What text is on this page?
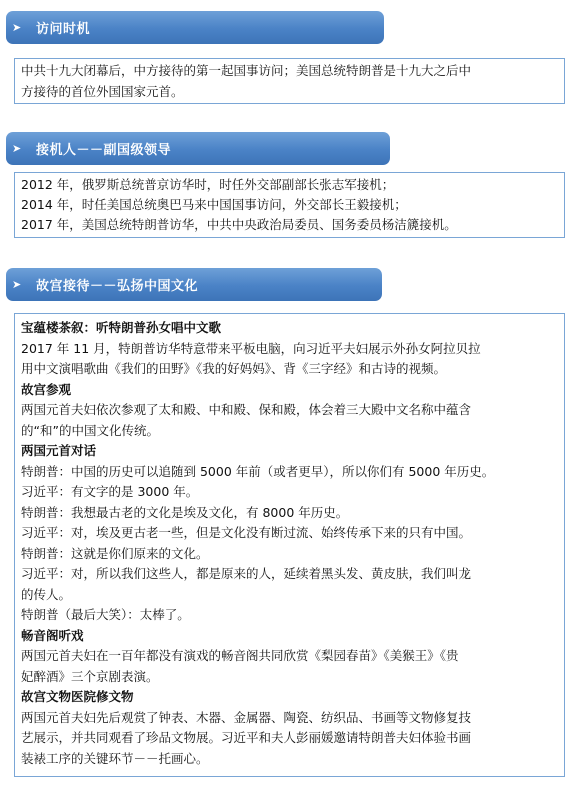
➤	访问时机
中共十九大闭幕后，中方接待的第一起国事访问；美国总统特朗普是十九大之后中
方接待的首位外国国家元首。
➤	接机人－－副国级领导
2012 年，俄罗斯总统普京访华时，时任外交部副部长张志军接机；
2014 年，时任美国总统奥巴马来中国国事访问，外交部长王毅接机；
2017 年，美国总统特朗普访华，中共中央政治局委员、国务委员杨洁篪接机。
➤	故宫接待－－弘扬中国文化
宝蕴楼茶叙：听特朗普孙女唱中文歌
2017 年 11 月，特朗普访华特意带来平板电脑，向习近平夫妇展示外孙女阿拉贝拉
用中文演唱歌曲《我们的田野》《我的好妈妈》、背《三字经》和古诗的视频。
故宫参观
两国元首夫妇依次参观了太和殿、中和殿、保和殿，体会着三大殿中文名称中蕴含
的“和”的中国文化传统。
两国元首对话
特朗普：中国的历史可以追随到 5000 年前（或者更早），所以你们有 5000 年历史。
习近平：有文字的是 3000 年。
特朗普：我想最古老的文化是埃及文化，有 8000 年历史。
习近平：对，埃及更古老一些，但是文化没有断过流、始终传承下来的只有中国。
特朗普：这就是你们原来的文化。
习近平：对，所以我们这些人，都是原来的人，延续着黑头发、黄皮肤，我们叫龙
的传人。
特朗普（最后大笑）：太棒了。
畅音阁听戏
两国元首夫妇在一百年都没有演戏的畅音阁共同欣赏《梨园春苗》《美猴王》《贵
妃醉酒》三个京剧表演。
故宫文物医院修文物
两国元首夫妇先后观赏了钟表、木器、金属器、陶瓷、纺织品、书画等文物修复技
艺展示，并共同观看了珍品文物展。习近平和夫人彭丽媛邀请特朗普夫妇体验书画
装裱工序的关键环节－－托画心。
